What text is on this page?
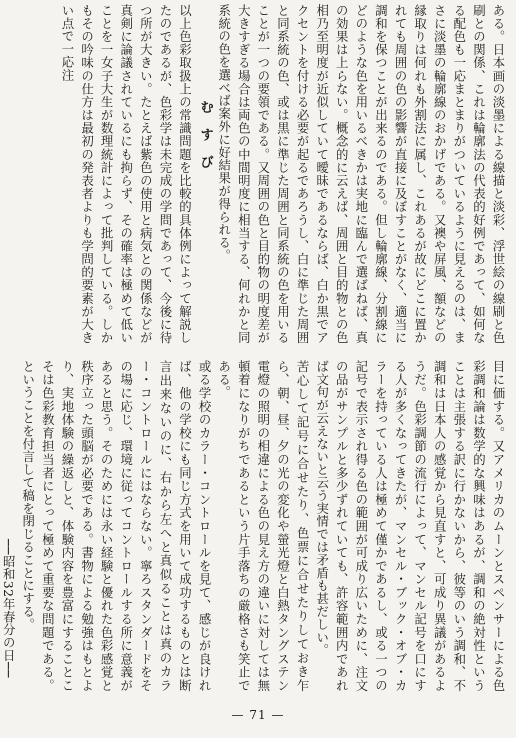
ある。日本画の淡墨による線描と淡彩、浮世絵の線刷と色刷との関係、これは輪廓法の代表的好例であって、如何なる配色も一応まとまりがついているように見えるのは、まさに淡墨の輪廓線のおかげである。又襖や屏風、額などの縁取りは何れも外割法に属し、これあるが故にどこに置かれても周囲の色の影響が直接に及ぼすことがなく、適当に調和を保つことが出来るのである。但し輪廓線、分割線にどのような色を用いるべきかは実地に臨んで選ばねば、真の効果は上らない。概念的に云えば、周囲と目的物との色相乃至明度が近似していて曖昧であるならば、白か黒でアクセントを付ける必要が起るであろうし、白に準じた周囲と同系統の色、或は黒に準じた周囲と同系統の色を用いることが一つの要領である。又周囲の色と目的物の明度差が大きすぎる場合は両色の中間明度に相当する、何れかと同系統の色を選べば案外に好結果が得られる。

むすび

以上色彩取扱上の常識問題を比較的具体例によって解説したのであるが、色彩学は未完成の学問であって、今後に待つ所が大きい。たとえば紫色の使用と病気との関係などが真剣に論議されているにも拘らず、その確率は極めて低いことを一女子大生が数理統計によって批判している。しかもその吟味の仕方は最初の発表者よりも学問的要素が大きい点で一応注

目に価する。又アメリカのムーンとスペンサーによる色彩調和論は数学的な興味はあるが、調和の絶対性ということは主張する訳に行かないから、彼等のいう調和、不調和は日本人の感覚から見直すと、可成り異議があるようだ。色彩調節の流行によって、マンセル記号を口にする人が多くなってきたが、マンセル・ブック・オブ・カラーを持っている人は極めて僅かであるし、或る一つの記号で表示され得る色の範囲が可成り広いために、注文の品がサンプルと多少ずれていても、許容範囲内であれば文句が云えないと云う実情では矛盾も甚だしい。

苦心して記号に合せたり、色票に合せたりしておき乍ら、朝、昼、夕の光の変化や螢光燈と白熱タングステン電燈の照明の相違による色の見え方の違いに対しては無頓着になりがちであるという片手落ちの厳格さも笑止である。

或る学校のカラー・コントロールを見て、感じが良ければ、他の学校にも同じ方式を用いて成功するものとは断言出来ないのに、右から左へと真似ることは真のカラー・コントロールにはならない。寧ろスタンダードをその場に応じ、環境に従ってコントロールする所に意義があると思う。そのためには永い経験と優れた色彩感覚と秩序立った頭脳が必要である。書物による勉強はもとより、実地体験の繰返しと、体験内容を豊富にすることこそは色彩教育担当者にとって極めて重要な問題である。ということを付言して稿を閉じることにする。

──昭和32年春分の日──
— 71 —
